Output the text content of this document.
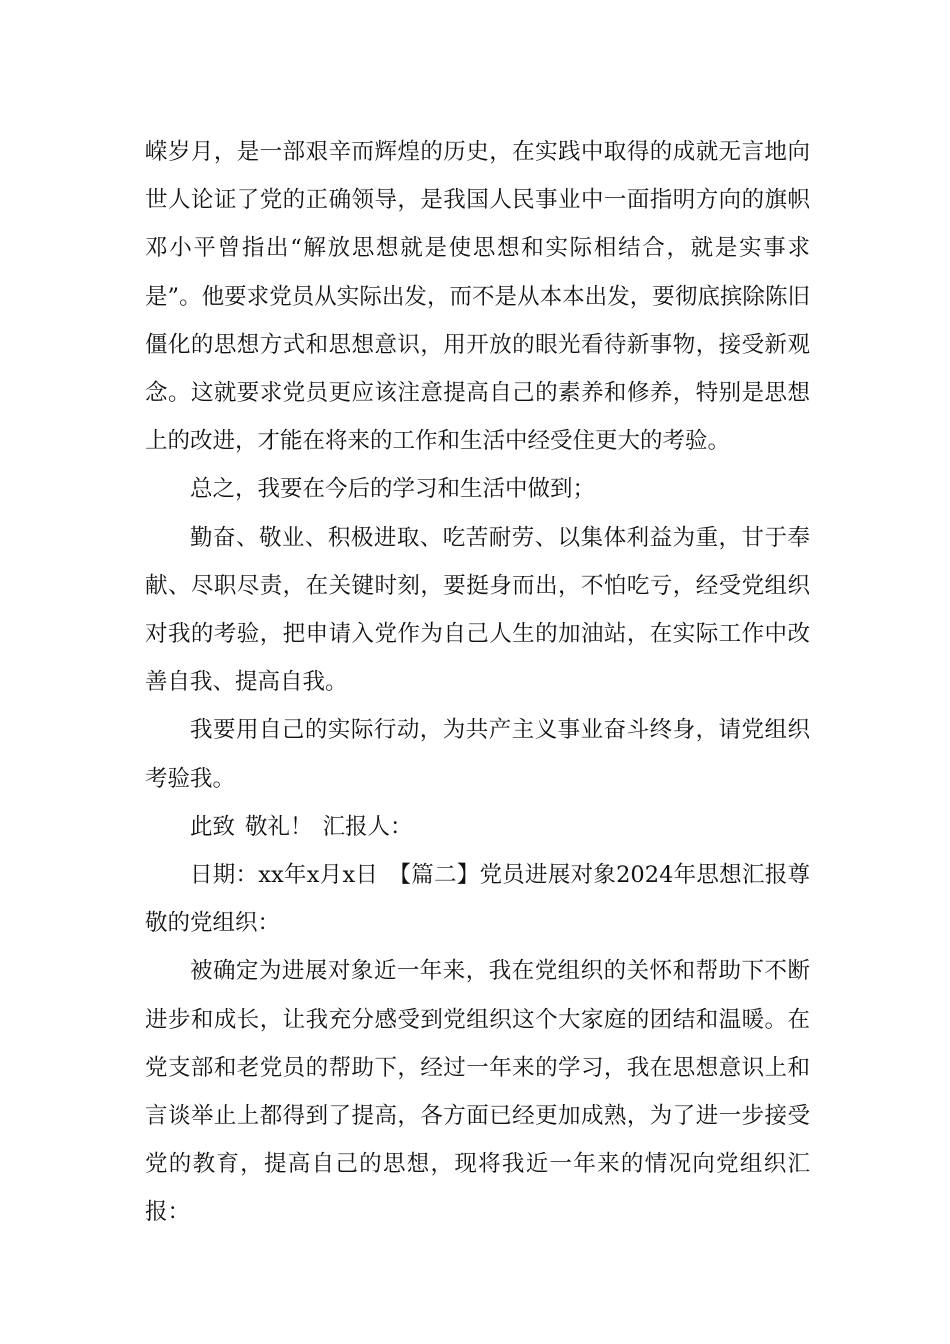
嵘岁月，是一部艰辛而辉煌的历史，在实践中取得的成就无言地向世人论证了党的正确领导，是我国人民事业中一面指明方向的旗帜邓小平曾指出“解放思想就是使思想和实际相结合，就是实事求是”。他要求党员从实际出发，而不是从本本出发，要彻底摈除陈旧僵化的思想方式和思想意识，用开放的眼光看待新事物，接受新观念。这就要求党员更应该注意提高自己的素养和修养，特别是思想上的改进，才能在将来的工作和生活中经受住更大的考验。

总之，我要在今后的学习和生活中做到；

勤奋、敬业、积极进取、吃苦耐劳、以集体利益为重，甘于奉献、尽职尽责，在关键时刻，要挺身而出，不怕吃亏，经受党组织对我的考验，把申请入党作为自己人生的加油站，在实际工作中改善自我、提高自我。

我要用自己的实际行动，为共产主义事业奋斗终身，请党组织考验我。

此致 敬礼！ 汇报人：

日期：xx年x月x日 【篇二】党员进展对象2024年思想汇报尊敬的党组织：

被确定为进展对象近一年来，我在党组织的关怀和帮助下不断进步和成长，让我充分感受到党组织这个大家庭的团结和温暖。在党支部和老党员的帮助下，经过一年来的学习，我在思想意识上和言谈举止上都得到了提高，各方面已经更加成熟，为了进一步接受党的教育，提高自己的思想，现将我近一年来的情况向党组织汇报：
